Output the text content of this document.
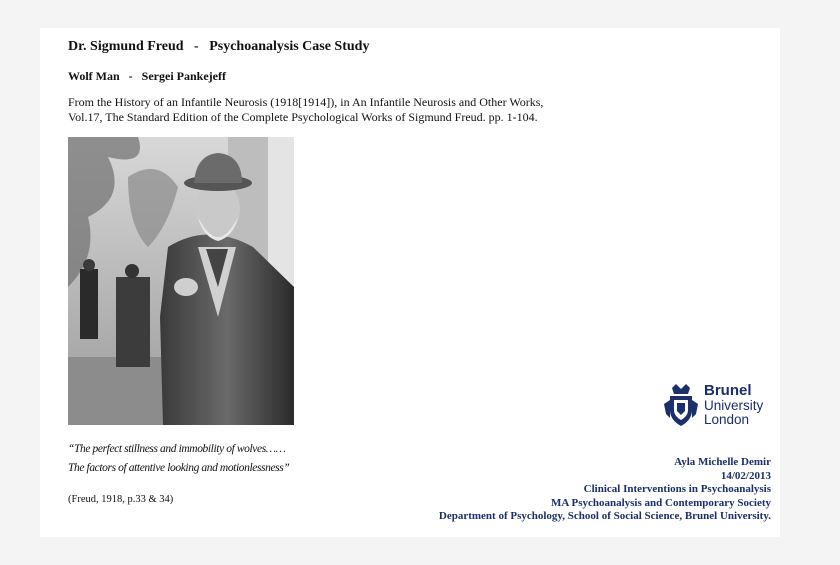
Dr. Sigmund Freud   -   Psychoanalysis Case Study
Wolf Man   -   Sergei Pankejeff
From the History of an Infantile Neurosis (1918[1914]), in An Infantile Neurosis and Other Works,
Vol.17, The Standard Edition of the Complete Psychological Works of Sigmund Freud. pp. 1-104.
“The perfect stillness and immobility of wolves……
The factors of attentive looking and motionlessness”
(Freud, 1918, p.33 & 34)
Brunel
University
London
Ayla Michelle Demir
14/02/2013
Clinical Interventions in Psychoanalysis
MA Psychoanalysis and Contemporary Society
Department of Psychology, School of Social Science, Brunel University.
